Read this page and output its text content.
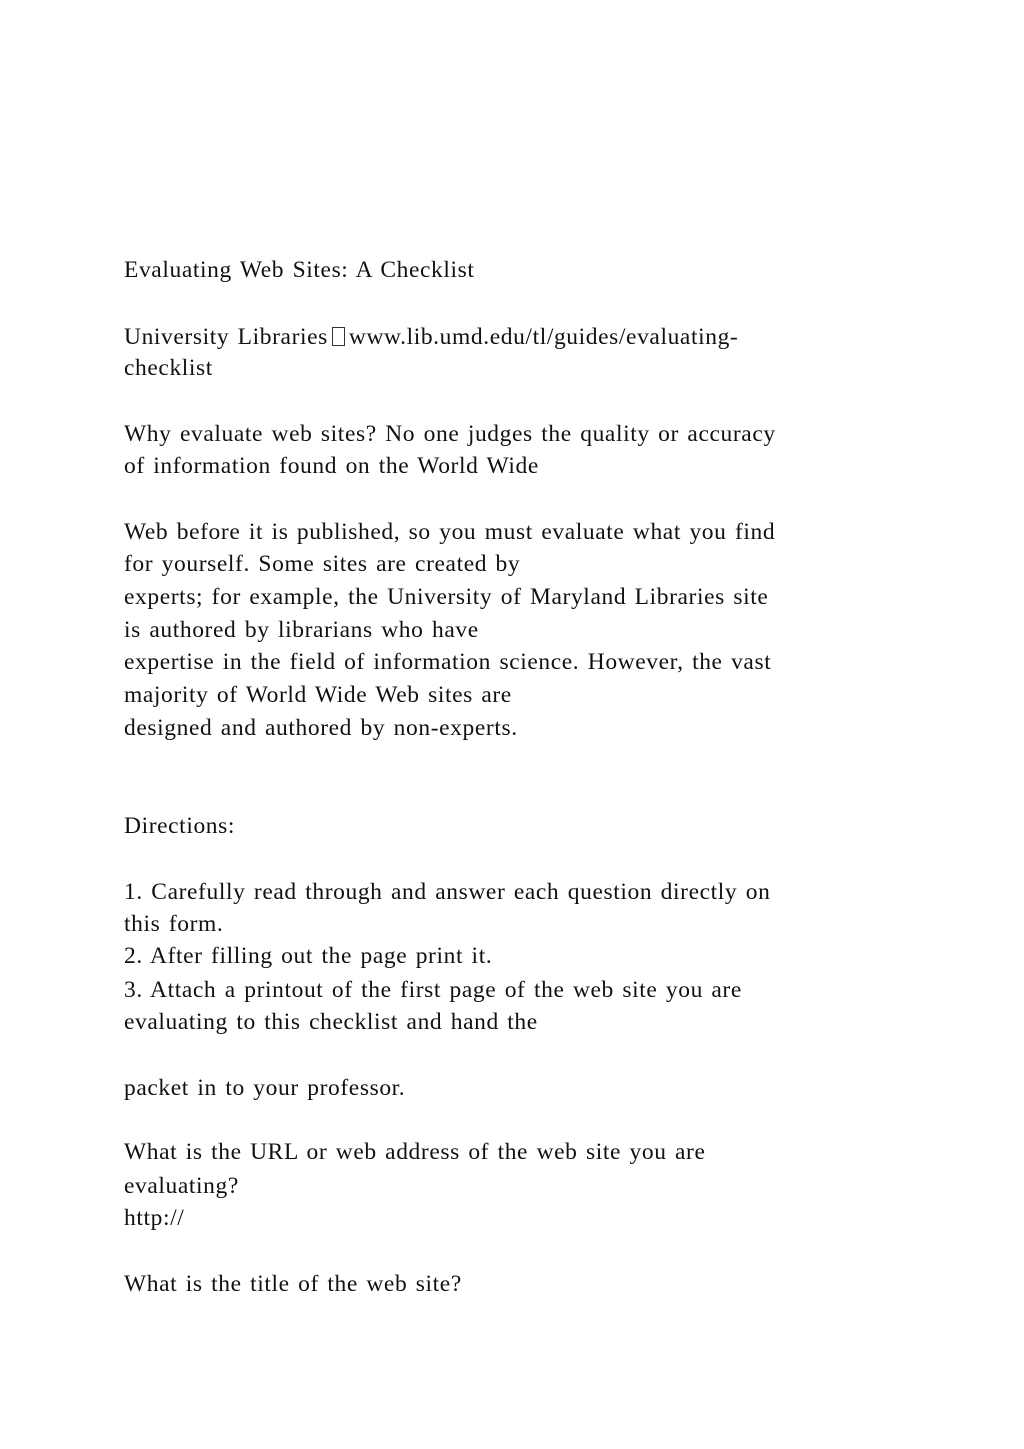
Evaluating Web Sites: A Checklist
University Libraries www.lib.umd.edu/tl/guides/evaluating-
checklist
Why evaluate web sites? No one judges the quality or accuracy
of information found on the World Wide
Web before it is published, so you must evaluate what you find
for yourself. Some sites are created by
experts; for example, the University of Maryland Libraries site
is authored by librarians who have
expertise in the field of information science. However, the vast
majority of World Wide Web sites are
designed and authored by non-experts.
Directions:
1. Carefully read through and answer each question directly on
this form.
2. After filling out the page print it.
3. Attach a printout of the first page of the web site you are
evaluating to this checklist and hand the
packet in to your professor.
What is the URL or web address of the web site you are
evaluating?
http://
What is the title of the web site?
